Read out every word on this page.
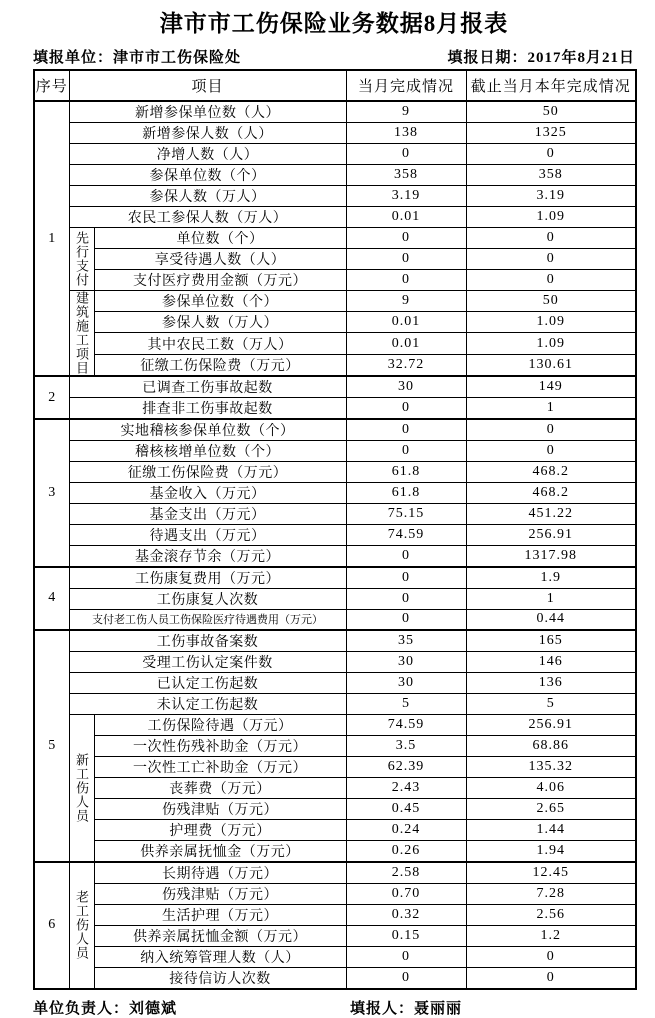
津市市工伤保险业务数据8月报表
填报单位：津市市工伤保险处	填报日期：2017年8月21日
序号	项目		当月完成情况	截止当月本年完成情况
1	新增参保单位数（人）		9	50
	新增参保人数（人）		138	1325
	净增人数（人）		0	0
	参保单位数（个）		358	358
	参保人数（万人）		3.19	3.19
	农民工参保人数（万人）		0.01	1.09
	先行支付	单位数（个）	0	0
		享受待遇人数（人）	0	0
		支付医疗费用金额（万元）	0	0
	建筑施工项目	参保单位数（个）	9	50
		参保人数（万人）	0.01	1.09
		其中农民工数（万人）	0.01	1.09
		征缴工伤保险费（万元）	32.72	130.61
2	已调查工伤事故起数		30	149
	排查非工伤事故起数		0	1
3	实地稽核参保单位数（个）		0	0
	稽核核增单位数（个）		0	0
	征缴工伤保险费（万元）		61.8	468.2
	基金收入（万元）		61.8	468.2
	基金支出（万元）		75.15	451.22
	待遇支出（万元）		74.59	256.91
	基金滚存节余（万元）		0	1317.98
4	工伤康复费用（万元）		0	1.9
	工伤康复人次数		0	1
	支付老工伤人员工伤保险医疗待遇费用（万元）		0	0.44
5	工伤事故备案数		35	165
	受理工伤认定案件数		30	146
	已认定工伤起数		30	136
	未认定工伤起数		5	5
	新工伤人员	工伤保险待遇（万元）	74.59	256.91
		一次性伤残补助金（万元）	3.5	68.86
		一次性工亡补助金（万元）	62.39	135.32
		丧葬费（万元）	2.43	4.06
		伤残津贴（万元）	0.45	2.65
		护理费（万元）	0.24	1.44
		供养亲属抚恤金（万元）	0.26	1.94
6	老工伤人员	长期待遇（万元）	2.58	12.45
		伤残津贴（万元）	0.70	7.28
		生活护理（万元）	0.32	2.56
		供养亲属抚恤金额（万元）	0.15	1.2
		纳入统筹管理人数（人）	0	0
		接待信访人次数	0	0
单位负责人：刘德斌	填报人：聂丽丽
